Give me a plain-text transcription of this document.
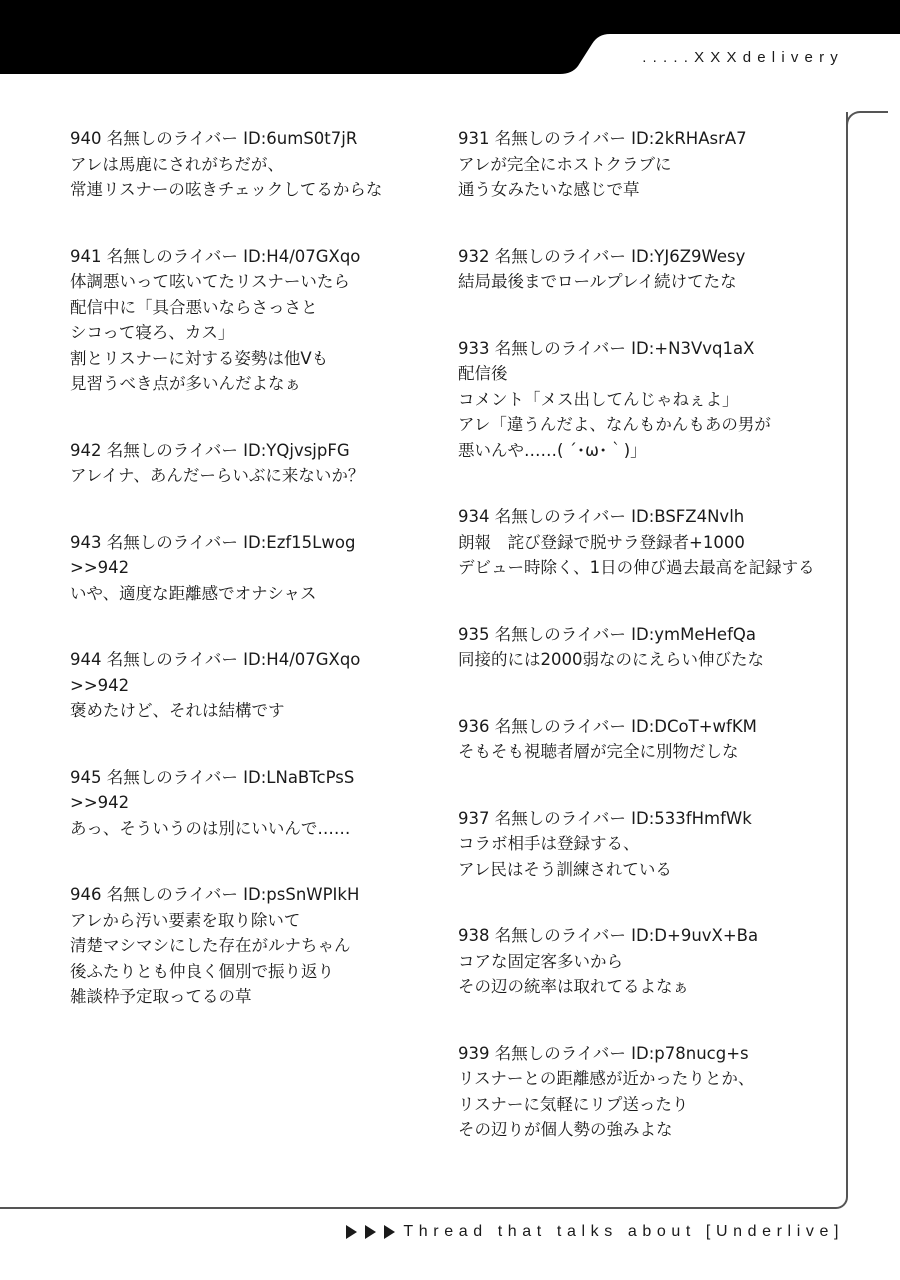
.....XXXdelivery
940 名無しのライバー ID:6umS0t7jR
アレは馬鹿にされがちだが、
常連リスナーの呟きチェックしてるからな
941 名無しのライバー ID:H4/07GXqo
体調悪いって呟いてたリスナーいたら
配信中に「具合悪いならさっさと
シコって寝ろ、カス」
割とリスナーに対する姿勢は他Vも
見習うべき点が多いんだよなぁ
942 名無しのライバー ID:YQjvsjpFG
アレイナ、あんだーらいぶに来ないか？
943 名無しのライバー ID:Ezf15Lwog
>>942
いや、適度な距離感でオナシャス
944 名無しのライバー ID:H4/07GXqo
>>942
褒めたけど、それは結構です
945 名無しのライバー ID:LNaBTcPsS
>>942
あっ、そういうのは別にいいんで……
946 名無しのライバー ID:psSnWPIkH
アレから汚い要素を取り除いて
清楚マシマシにした存在がルナちゃん
後ふたりとも仲良く個別で振り返り
雑談枠予定取ってるの草
931 名無しのライバー ID:2kRHAsrA7
アレが完全にホストクラブに
通う女みたいな感じで草
932 名無しのライバー ID:YJ6Z9Wesy
結局最後までロールプレイ続けてたな
933 名無しのライバー ID:+N3Vvq1aX
配信後
コメント「メス出してんじゃねぇよ」
アレ「違うんだよ、なんもかんもあの男が
悪いんや……( ´･ω･｀)」
934 名無しのライバー ID:BSFZ4Nvlh
朗報　詫び登録で脱サラ登録者+1000
デビュー時除く、1日の伸び過去最高を記録する
935 名無しのライバー ID:ymMeHefQa
同接的には2000弱なのにえらい伸びたな
936 名無しのライバー ID:DCoT+wfKM
そもそも視聴者層が完全に別物だしな
937 名無しのライバー ID:533fHmfWk
コラボ相手は登録する、
アレ民はそう訓練されている
938 名無しのライバー ID:D+9uvX+Ba
コアな固定客多いから
その辺の統率は取れてるよなぁ
939 名無しのライバー ID:p78nucg+s
リスナーとの距離感が近かったりとか、
リスナーに気軽にリプ送ったり
その辺りが個人勢の強みよな
Thread that talks about [Underlive]
